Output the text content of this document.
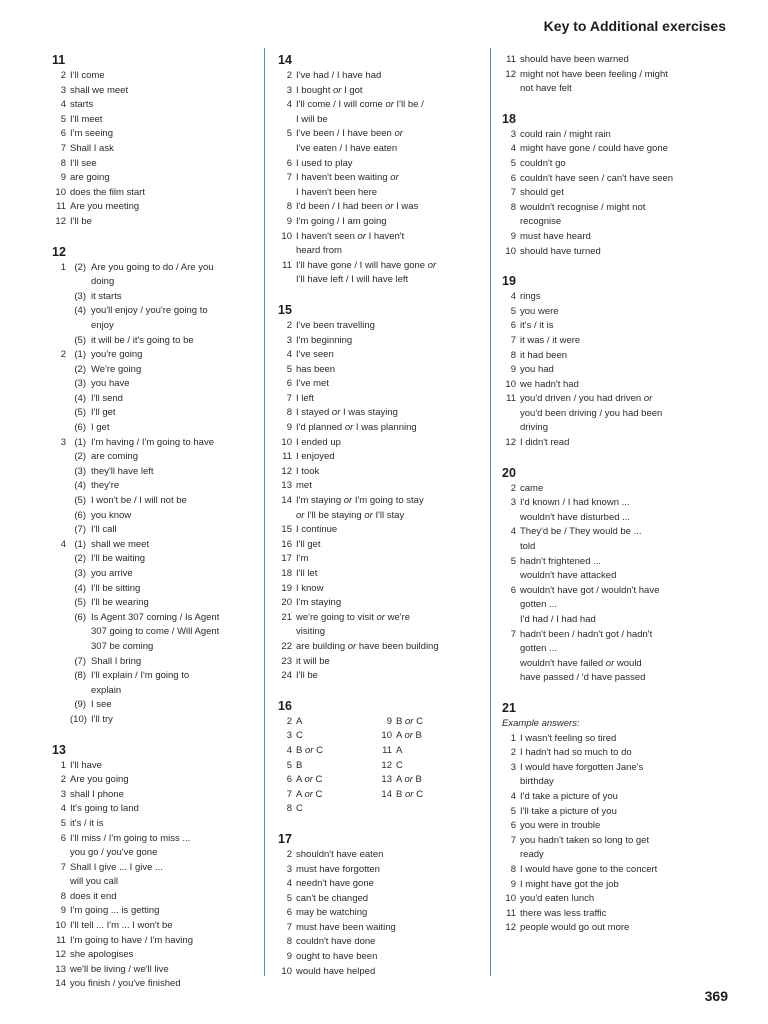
Key to Additional exercises
11
2 I'll come
3 shall we meet
4 starts
5 I'll meet
6 I'm seeing
7 Shall I ask
8 I'll see
9 are going
10 does the film start
11 Are you meeting
12 I'll be
12
1 (2) Are you going to do / Are you
doing
(3) it starts
(4) you'll enjoy / you're going to
enjoy
(5) it will be / it's going to be
2 (1) you're going
(2) We're going
(3) you have
(4) I'll send
(5) I'll get
(6) I get
3 (1) I'm having / I'm going to have
(2) are coming
(3) they'll have left
(4) they're
(5) I won't be / I will not be
(6) you know
(7) I'll call
4 (1) shall we meet
(2) I'll be waiting
(3) you arrive
(4) I'll be sitting
(5) I'll be wearing
(6) Is Agent 307 coming / Is Agent
307 going to come / Will Agent
307 be coming
(7) Shall I bring
(8) I'll explain / I'm going to
explain
(9) I see
(10) I'll try
13
1 I'll have
2 Are you going
3 shall I phone
4 It's going to land
5 it's / it is
6 I'll miss / I'm going to miss ...
you go / you've gone
7 Shall I give ... I give ...
will you call
8 does it end
9 I'm going ... is getting
10 I'll tell ... I'm ... I won't be
11 I'm going to have / I'm having
12 she apologises
13 we'll be living / we'll live
14 you finish / you've finished
14
2 I've had / I have had
3 I bought or I got
4 I'll come / I will come or I'll be /
I will be
5 I've been / I have been or
I've eaten / I have eaten
6 I used to play
7 I haven't been waiting or
I haven't been here
8 I'd been / I had been or I was
9 I'm going / I am going
10 I haven't seen or I haven't
heard from
11 I'll have gone / I will have gone or
I'll have left / I will have left
15
2 I've been travelling
3 I'm beginning
4 I've seen
5 has been
6 I've met
7 I left
8 I stayed or I was staying
9 I'd planned or I was planning
10 I ended up
11 I enjoyed
12 I took
13 met
14 I'm staying or I'm going to stay
or I'll be staying or I'll stay
15 I continue
16 I'll get
17 I'm
18 I'll let
19 I know
20 I'm staying
21 we're going to visit or we're
visiting
22 are building or have been building
23 it will be
24 I'll be
16
2 A	9 B or C
3 C	10 A or B
4 B or C	11 A
5 B	12 C
6 A or C	13 A or B
7 A or C	14 B or C
8 C
17
2 shouldn't have eaten
3 must have forgotten
4 needn't have gone
5 can't be changed
6 may be watching
7 must have been waiting
8 couldn't have done
9 ought to have been
10 would have helped
11 should have been warned
12 might not have been feeling / might
not have felt
18
3 could rain / might rain
4 might have gone / could have gone
5 couldn't go
6 couldn't have seen / can't have seen
7 should get
8 wouldn't recognise / might not
recognise
9 must have heard
10 should have turned
19
4 rings
5 you were
6 it's / it is
7 it was / it were
8 it had been
9 you had
10 we hadn't had
11 you'd driven / you had driven or
you'd been driving / you had been
driving
12 I didn't read
20
2 came
3 I'd known / I had known ...
wouldn't have disturbed ...
4 They'd be / They would be ...
told
5 hadn't frightened ...
wouldn't have attacked
6 wouldn't have got / wouldn't have
gotten ...
I'd had / I had had
7 hadn't been / hadn't got / hadn't
gotten ...
wouldn't have failed or would
have passed / 'd have passed
21
Example answers:
1 I wasn't feeling so tired
2 I hadn't had so much to do
3 I would have forgotten Jane's
birthday
4 I'd take a picture of you
5 I'll take a picture of you
6 you were in trouble
7 you hadn't taken so long to get
ready
8 I would have gone to the concert
9 I might have got the job
10 you'd eaten lunch
11 there was less traffic
12 people would go out more
369
